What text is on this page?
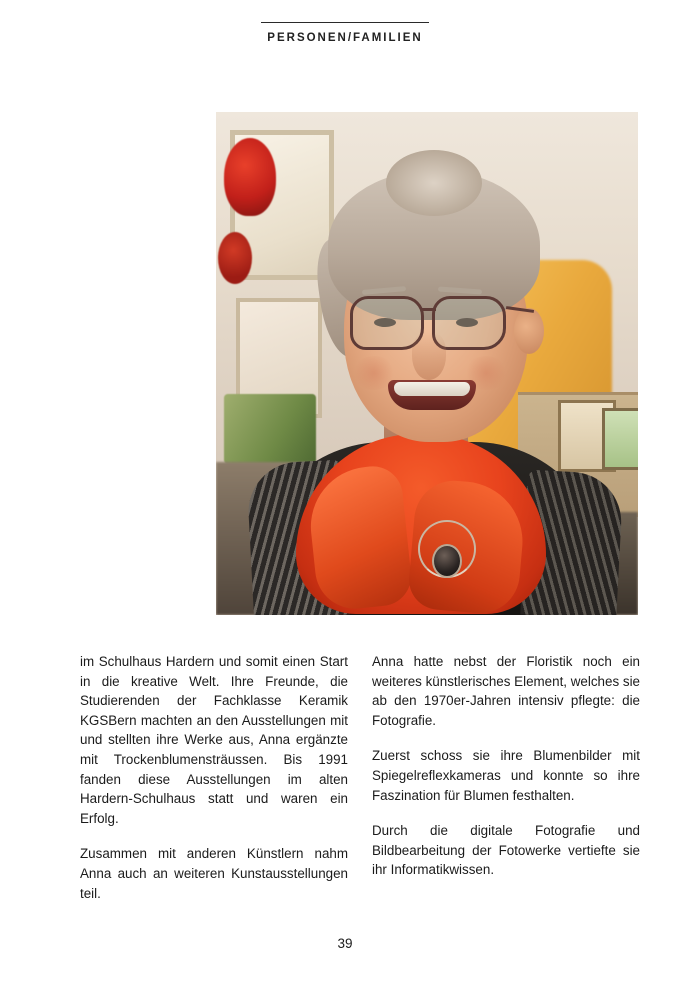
PERSONEN/FAMILIEN

im Schulhaus Hardern und somit einen Start in die kreative Welt. Ihre Freunde, die Studierenden der Fachklasse Keramik KGSBern machten an den Ausstellungen mit und stellten ihre Werke aus, Anna ergänzte mit Trockenblumensträussen. Bis 1991 fanden diese Ausstellungen im alten Hardern-Schulhaus statt und waren ein Erfolg.

Zusammen mit anderen Künstlern nahm Anna auch an weiteren Kunstausstellungen teil.

Anna hatte nebst der Floristik noch ein weiteres künstlerisches Element, welches sie ab den 1970er-Jahren intensiv pflegte: die Fotografie.

Zuerst schoss sie ihre Blumenbilder mit Spiegelreflexkameras und konnte so ihre Faszination für Blumen festhalten.

Durch die digitale Fotografie und Bildbearbeitung der Fotowerke vertiefte sie ihr Informatikwissen.

39
